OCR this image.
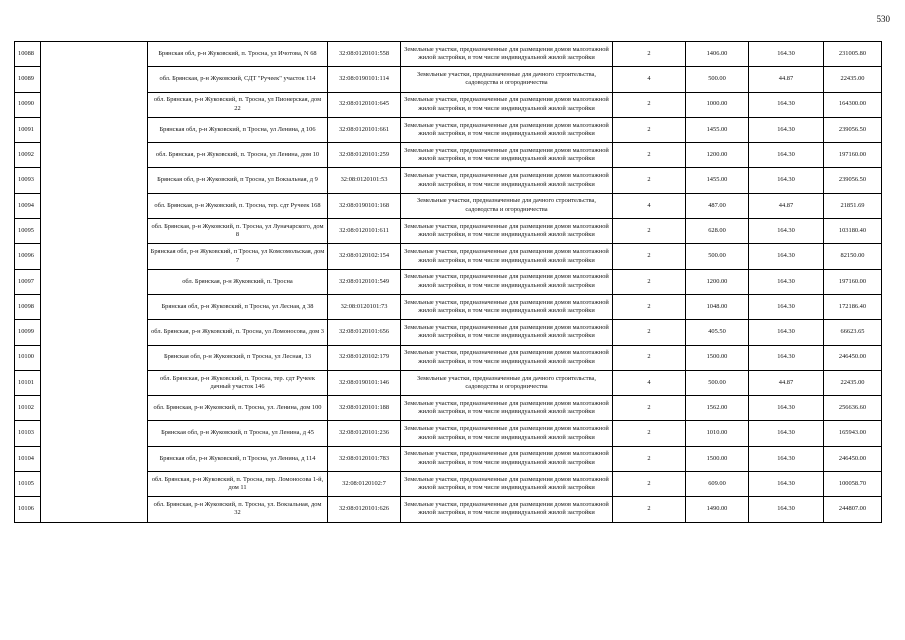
530
10088		Брянская обл, р-н Жуковский, п. Тросна, ул Ичотова, N 68	32:08:0120101:558	Земельные участки, предназначенные для размещения домов малоэтажной жилой застройки, в том числе индивидуальной жилой застройки	2	1406.00	164.30	231005.80
10089		обл. Брянская, р-н Жуковский, СДТ "Ручеек" участок 114	32:08:0190101:114	Земельные участки, предназначенные для дачного строительства, садоводства и огородничества	4	500.00	44.87	22435.00
10090		обл. Брянская, р-н Жуковский, п. Тросна, ул Пионерская, дом 22	32:08:0120101:645	Земельные участки, предназначенные для размещения домов малоэтажной жилой застройки, в том числе индивидуальной жилой застройки	2	1000.00	164.30	164300.00
10091		Брянская обл, р-н Жуковский, п Тросна, ул Ленина, д 106	32:08:0120101:661	Земельные участки, предназначенные для размещения домов малоэтажной жилой застройки, в том числе индивидуальной жилой застройки	2	1455.00	164.30	239056.50
10092		обл. Брянская, р-н Жуковский, п. Тросна, ул Ленина, дом 10	32:08:0120101:259	Земельные участки, предназначенные для размещения домов малоэтажной жилой застройки, в том числе индивидуальной жилой застройки	2	1200.00	164.30	197160.00
10093		Брянская обл, р-н Жуковский, п Тросна, ул Вокзальная, д 9	32:08:0120101:53	Земельные участки, предназначенные для размещения домов малоэтажной жилой застройки, в том числе индивидуальной жилой застройки	2	1455.00	164.30	239056.50
10094		обл. Брянская, р-н Жуковский, п. Тросна, тер. сдт Ручеек 168	32:08:0190101:168	Земельные участки, предназначенные для дачного строительства, садоводства и огородничества	4	487.00	44.87	21851.69
10095		обл. Брянская, р-н Жуковский, п. Тросна, ул Луначарского, дом 8	32:08:0120101:611	Земельные участки, предназначенные для размещения домов малоэтажной жилой застройки, в том числе индивидуальной жилой застройки	2	628.00	164.30	103180.40
10096		Брянская обл, р-н Жуковский, п Тросна, ул Комсомольская, дом 7	32:08:0120102:154	Земельные участки, предназначенные для размещения домов малоэтажной жилой застройки, в том числе индивидуальной жилой застройки	2	500.00	164.30	82150.00
10097		обл. Брянская, р-н Жуковский, п. Тросна	32:08:0120101:549	Земельные участки, предназначенные для размещения домов малоэтажной жилой застройки, в том числе индивидуальной жилой застройки	2	1200.00	164.30	197160.00
10098		Брянская обл, р-н Жуковский, п Тросна, ул Лесная, д 38	32:08:0120101:73	Земельные участки, предназначенные для размещения домов малоэтажной жилой застройки, в том числе индивидуальной жилой застройки	2	1048.00	164.30	172186.40
10099		обл. Брянская, р-н Жуковский, п. Тросна, ул Ломоносова, дом 3	32:08:0120101:656	Земельные участки, предназначенные для размещения домов малоэтажной жилой застройки, в том числе индивидуальной жилой застройки	2	405.50	164.30	66623.65
10100		Брянская обл, р-н Жуковский, п Тросна, ул Лесная, 13	32:08:0120102:179	Земельные участки, предназначенные для размещения домов малоэтажной жилой застройки, в том числе индивидуальной жилой застройки	2	1500.00	164.30	246450.00
10101		обл. Брянская, р-н Жуковский, п. Тросна, тер. сдт Ручеек дачный участок 146	32:08:0190101:146	Земельные участки, предназначенные для дачного строительства, садоводства и огородничества	4	500.00	44.87	22435.00
10102		обл. Брянская, р-н Жуковский, п. Тросна, ул. Ленина, дом 100	32:08:0120101:188	Земельные участки, предназначенные для размещения домов малоэтажной жилой застройки, в том числе индивидуальной жилой застройки	2	1562.00	164.30	256636.60
10103		Брянская обл, р-н Жуковский, п Тросна, ул Ленина, д 45	32:08:0120101:236	Земельные участки, предназначенные для размещения домов малоэтажной жилой застройки, в том числе индивидуальной жилой застройки	2	1010.00	164.30	165943.00
10104		Брянская обл, р-н Жуковский, п Тросна, ул Ленина, д 114	32:08:0120101:783	Земельные участки, предназначенные для размещения домов малоэтажной жилой застройки, в том числе индивидуальной жилой застройки	2	1500.00	164.30	246450.00
10105		обл. Брянская, р-н Жуковский, п. Тросна, пер. Ломоносова 1-й, дом 11	32:08:0120102:7	Земельные участки, предназначенные для размещения домов малоэтажной жилой застройки, в том числе индивидуальной жилой застройки	2	609.00	164.30	100058.70
10106		обл. Брянская, р-н Жуковский, п. Тросна, ул. Вокзальная, дом 32	32:08:0120101:626	Земельные участки, предназначенные для размещения домов малоэтажной жилой застройки, в том числе индивидуальной жилой застройки	2	1490.00	164.30	244807.00
